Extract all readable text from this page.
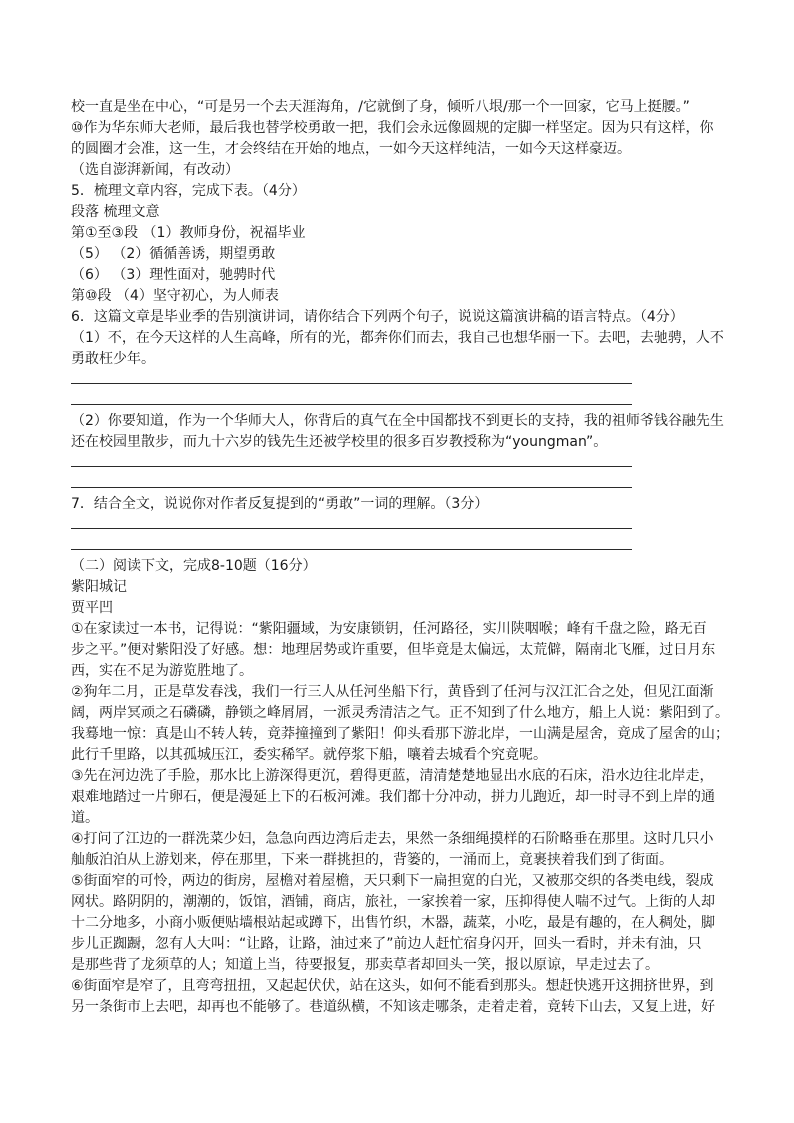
校一直是坐在中心，“可是另一个去天涯海角，/它就倒了身，倾听八垠/那一个一回家，它马上挺腰。”
⑩作为华东师大老师，最后我也替学校勇敢一把，我们会永远像圆规的定脚一样坚定。因为只有这样，你
的圆圈才会准，这一生，才会终结在开始的地点，一如今天这样纯洁，一如今天这样豪迈。
（选自澎湃新闻，有改动）
5．梳理文章内容，完成下表。（4分）
段落 梳理文意
第①至③段 （1）教师身份，祝福毕业
（5） （2）循循善诱，期望勇敢
（6） （3）理性面对，驰骋时代
第⑩段 （4）坚守初心，为人师表
6．这篇文章是毕业季的告别演讲词，请你结合下列两个句子，说说这篇演讲稿的语言特点。（4分）
（1）不，在今天这样的人生高峰，所有的光，都奔你们而去，我自己也想华丽一下。去吧，去驰骋，人不
勇敢枉少年。
（2）你要知道，作为一个华师大人，你背后的真气在全中国都找不到更长的支持，我的祖师爷钱谷融先生
还在校园里散步，而九十六岁的钱先生还被学校里的很多百岁教授称为“youngman”。
7．结合全文，说说你对作者反复提到的“勇敢”一词的理解。（3分）
（二）阅读下文，完成8-10题（16分）
紫阳城记
贾平凹
①在家读过一本书，记得说：“紫阳疆域，为安康锁钥，任河路径，实川陕咽喉；峰有千盘之险，路无百
步之平。”便对紫阳没了好感。想：地理居势或许重要，但毕竟是太偏远，太荒僻，隔南北飞雁，过日月东
西，实在不足为游览胜地了。
②狗年二月，正是草发春浅，我们一行三人从任河坐船下行，黄昏到了任河与汉江汇合之处，但见江面渐
阔，两岸冥顽之石磷磷，静锁之峰屑屑，一派灵秀清洁之气。正不知到了什么地方，船上人说：紫阳到了。
我蓦地一惊：真是山不转人转，竟莽撞撞到了紫阳！仰头看那下游北岸，一山满是屋舍，竟成了屋舍的山；
此行千里路，以其孤城压江，委实稀罕。就停浆下船，嚷着去城看个究竟呢。
③先在河边洗了手脸，那水比上游深得更沉，碧得更蓝，清清楚楚地显出水底的石床，沿水边往北岸走，
艰难地踏过一片卵石，便是漫延上下的石板河滩。我们都十分冲动，拼力儿跑近，却一时寻不到上岸的通
道。
④打问了江边的一群洗菜少妇，急急向西边湾后走去，果然一条细绳摸样的石阶略垂在那里。这时几只小
舢舨泊泊从上游划来，停在那里，下来一群挑担的，背篓的，一涌而上，竟裹挟着我们到了街面。
⑤街面窄的可怜，两边的街房，屋檐对着屋檐，天只剩下一扁担宽的白光，又被那交织的各类电线，裂成
网状。路阴阴的，潮潮的，饭馆，酒铺，商店，旅社，一家挨着一家，压抑得使人喘不过气。上街的人却
十二分地多，小商小贩便贴墙根站起或蹲下，出售竹织，木器，蔬菜，小吃，最是有趣的，在人稠处，脚
步儿正踟蹰，忽有人大叫：“让路，让路，油过来了”前边人赶忙宿身闪开，回头一看时，并未有油，只
是那些背了龙须草的人；知道上当，待要报复，那卖草者却回头一笑，报以原谅，早走过去了。
⑥街面窄是窄了，且弯弯扭扭，又起起伏伏，站在这头，如何不能看到那头。想赶快逃开这拥挤世界，到
另一条街市上去吧，却再也不能够了。巷道纵横，不知该走哪条，走着走着，竟转下山去，又复上进，好
